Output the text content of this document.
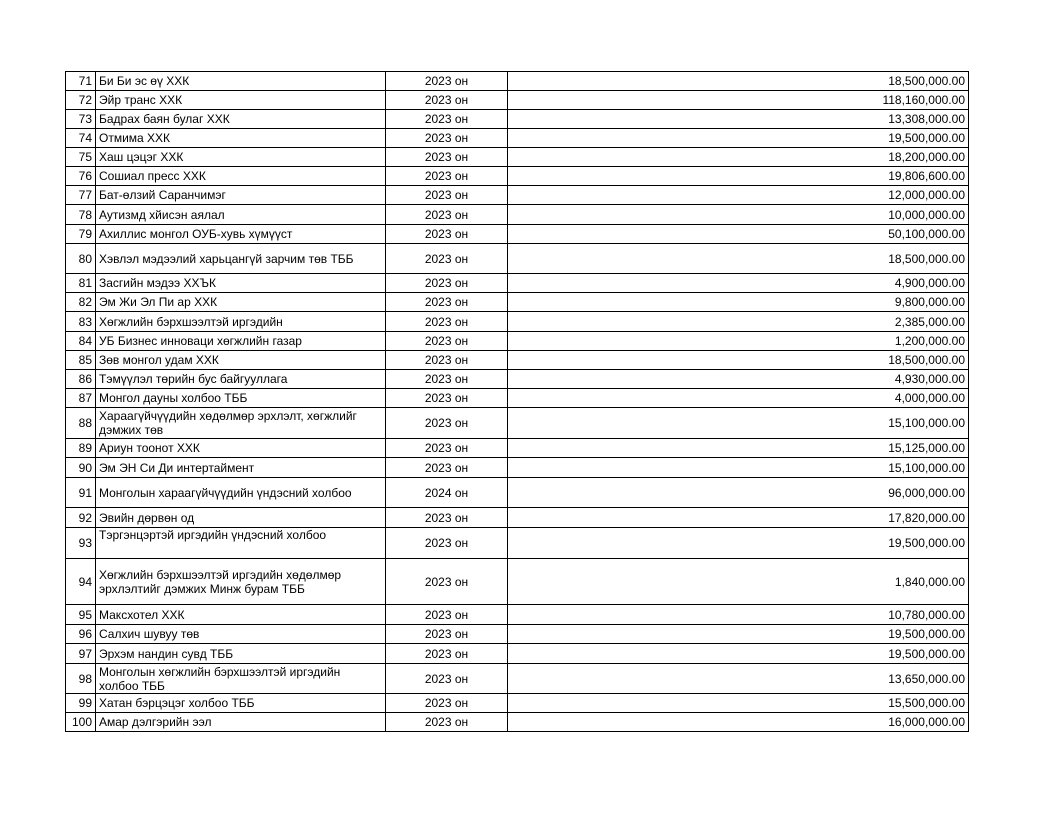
71	Би Би эс өү ХХК	2023 он	18,500,000.00
72	Эйр транс ХХК	2023 он	118,160,000.00
73	Бадрах баян булаг ХХК	2023 он	13,308,000.00
74	Отмима ХХК	2023 он	19,500,000.00
75	Хаш цэцэг ХХК	2023 он	18,200,000.00
76	Сошиал пресс ХХК	2023 он	19,806,600.00
77	Бат-өлзий Саранчимэг	2023 он	12,000,000.00
78	Аутизмд хйисэн аялал	2023 он	10,000,000.00
79	Ахиллис монгол ОУБ-хувь хүмүүст	2023 он	50,100,000.00
80	Хэвлэл мэдээлий харьцангүй зарчим төв ТББ	2023 он	18,500,000.00
81	Засгийн мэдээ ХХЪК	2023 он	4,900,000.00
82	Эм Жи Эл Пи ар ХХК	2023 он	9,800,000.00
83	Хөгжлийн бэрхшээлтэй иргэдийн	2023 он	2,385,000.00
84	УБ Бизнес инноваци хөгжлийн газар	2023 он	1,200,000.00
85	Зөв монгол удам ХХК	2023 он	18,500,000.00
86	Тэмүүлэл төрийн бус байгууллага	2023 он	4,930,000.00
87	Монгол дауны холбоо ТББ	2023 он	4,000,000.00
88	Хараагүйчүүдийн хөдөлмөр эрхлэлт, хөгжлийг дэмжих төв	2023 он	15,100,000.00
89	Ариун тоонот ХХК	2023 он	15,125,000.00
90	Эм ЭН Си Ди интертаймент	2023 он	15,100,000.00
91	Монголын хараагүйчүүдийн үндэсний холбоо	2024 он	96,000,000.00
92	Эвийн дөрвөн од	2023 он	17,820,000.00
93	Тэргэнцэртэй иргэдийн үндэсний холбоо	2023 он	19,500,000.00
94	Хөгжлийн бэрхшээлтэй иргэдийн хөдөлмөр эрхлэлтийг дэмжих Минж бурам ТББ	2023 он	1,840,000.00
95	Максхотел ХХК	2023 он	10,780,000.00
96	Салхич шувуу төв	2023 он	19,500,000.00
97	Эрхэм нандин сувд ТББ	2023 он	19,500,000.00
98	Монголын хөгжлийн бэрхшээлтэй иргэдийн холбоо ТББ	2023 он	13,650,000.00
99	Хатан бэрцэцэг холбоо ТББ	2023 он	15,500,000.00
100	Амар дэлгэрийн ээл	2023 он	16,000,000.00
